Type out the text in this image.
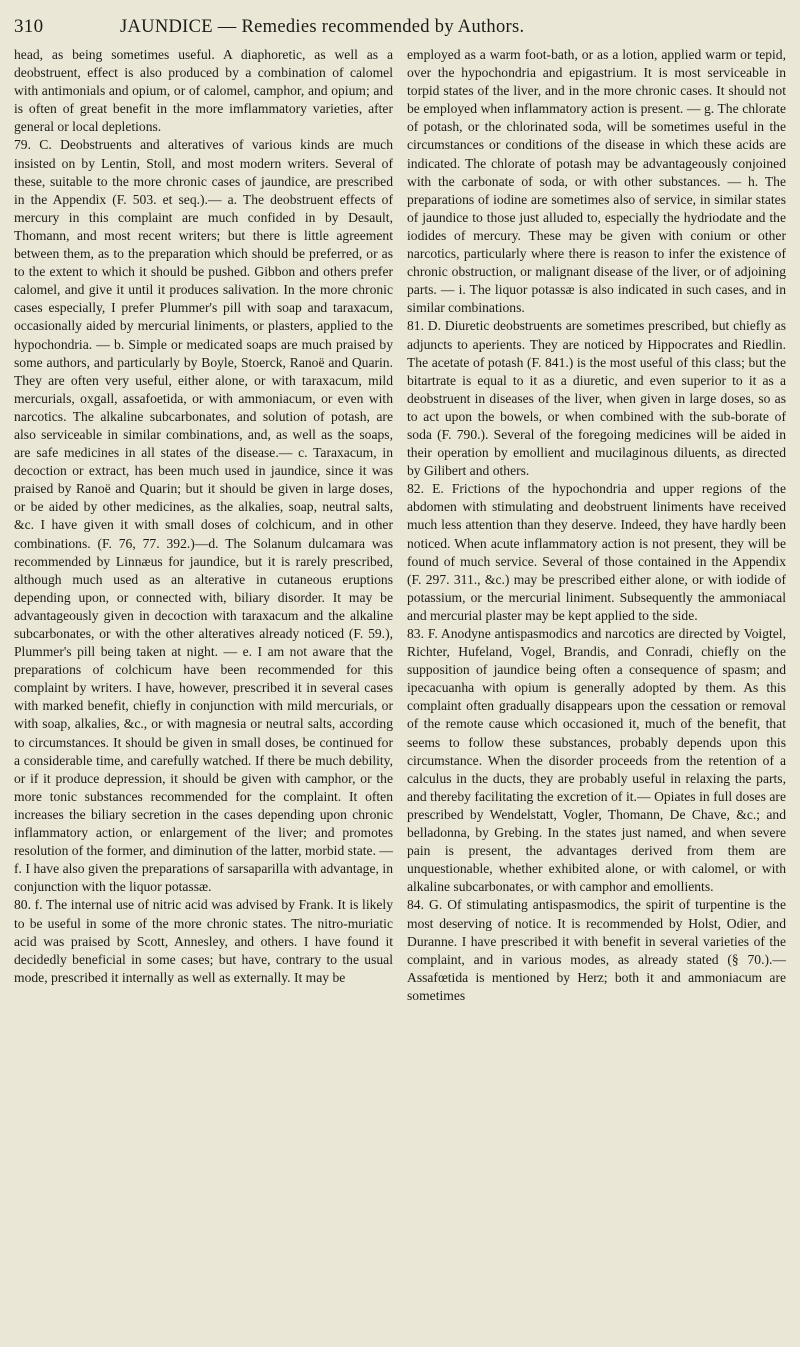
310	JAUNDICE — Remedies recommended by Authors.

head, as being sometimes useful. A diaphoretic, as well as a deobstruent, effect is also produced by a combination of calomel with antimonials and opium, or of calomel, camphor, and opium; and is often of great benefit in the more imflammatory varieties, after general or local depletions.

79. C. Deobstruents and alteratives of various kinds are much insisted on by Lentin, Stoll, and most modern writers. Several of these, suitable to the more chronic cases of jaundice, are prescribed in the Appendix (F. 503. et seq.).— a. The deobstruent effects of mercury in this complaint are much confided in by Desault, Thomann, and most recent writers; but there is little agreement between them, as to the preparation which should be preferred, or as to the extent to which it should be pushed. Gibbon and others prefer calomel, and give it until it produces salivation. In the more chronic cases especially, I prefer Plummer's pill with soap and taraxacum, occasionally aided by mercurial liniments, or plasters, applied to the hypochondria. — b. Simple or medicated soaps are much praised by some authors, and particularly by Boyle, Stoerck, Ranoë and Quarin. They are often very useful, either alone, or with taraxacum, mild mercurials, oxgall, assafoetida, or with ammoniacum, or even with narcotics. The alkaline subcarbonates, and solution of potash, are also serviceable in similar combinations, and, as well as the soaps, are safe medicines in all states of the disease.— c. Taraxacum, in decoction or extract, has been much used in jaundice, since it was praised by Ranoë and Quarin; but it should be given in large doses, or be aided by other medicines, as the alkalies, soap, neutral salts, &c. I have given it with small doses of colchicum, and in other combinations. (F. 76, 77. 392.)—d. The Solanum dulcamara was recommended by Linnæus for jaundice, but it is rarely prescribed, although much used as an alterative in cutaneous eruptions depending upon, or connected with, biliary disorder. It may be advantageously given in decoction with taraxacum and the alkaline subcarbonates, or with the other alteratives already noticed (F. 59.), Plummer's pill being taken at night. — e. I am not aware that the preparations of colchicum have been recommended for this complaint by writers. I have, however, prescribed it in several cases with marked benefit, chiefly in conjunction with mild mercurials, or with soap, alkalies, &c., or with magnesia or neutral salts, according to circumstances. It should be given in small doses, be continued for a considerable time, and carefully watched. If there be much debility, or if it produce depression, it should be given with camphor, or the more tonic substances recommended for the complaint. It often increases the biliary secretion in the cases depending upon chronic inflammatory action, or enlargement of the liver; and promotes resolution of the former, and diminution of the latter, morbid state. — f. I have also given the preparations of sarsaparilla with advantage, in conjunction with the liquor potassæ.

80. f. The internal use of nitric acid was advised by Frank. It is likely to be useful in some of the more chronic states. The nitro-muriatic acid was praised by Scott, Annesley, and others. I have found it decidedly beneficial in some cases; but have, contrary to the usual mode, prescribed it internally as well as externally. It may be

employed as a warm foot-bath, or as a lotion, applied warm or tepid, over the hypochondria and epigastrium. It is most serviceable in torpid states of the liver, and in the more chronic cases. It should not be employed when inflammatory action is present. — g. The chlorate of potash, or the chlorinated soda, will be sometimes useful in the circumstances or conditions of the disease in which these acids are indicated. The chlorate of potash may be advantageously conjoined with the carbonate of soda, or with other substances. — h. The preparations of iodine are sometimes also of service, in similar states of jaundice to those just alluded to, especially the hydriodate and the iodides of mercury. These may be given with conium or other narcotics, particularly where there is reason to infer the existence of chronic obstruction, or malignant disease of the liver, or of adjoining parts. — i. The liquor potassæ is also indicated in such cases, and in similar combinations.

81. D. Diuretic deobstruents are sometimes prescribed, but chiefly as adjuncts to aperients. They are noticed by Hippocrates and Riedlin. The acetate of potash (F. 841.) is the most useful of this class; but the bitartrate is equal to it as a diuretic, and even superior to it as a deobstruent in diseases of the liver, when given in large doses, so as to act upon the bowels, or when combined with the sub-borate of soda (F. 790.). Several of the foregoing medicines will be aided in their operation by emollient and mucilaginous diluents, as directed by Gilibert and others.

82. E. Frictions of the hypochondria and upper regions of the abdomen with stimulating and deobstruent liniments have received much less attention than they deserve. Indeed, they have hardly been noticed. When acute inflammatory action is not present, they will be found of much service. Several of those contained in the Appendix (F. 297. 311., &c.) may be prescribed either alone, or with iodide of potassium, or the mercurial liniment. Subsequently the ammoniacal and mercurial plaster may be kept applied to the side.

83. F. Anodyne antispasmodics and narcotics are directed by Voigtel, Richter, Hufeland, Vogel, Brandis, and Conradi, chiefly on the supposition of jaundice being often a consequence of spasm; and ipecacuanha with opium is generally adopted by them. As this complaint often gradually disappears upon the cessation or removal of the remote cause which occasioned it, much of the benefit, that seems to follow these substances, probably depends upon this circumstance. When the disorder proceeds from the retention of a calculus in the ducts, they are probably useful in relaxing the parts, and thereby facilitating the excretion of it.— Opiates in full doses are prescribed by Wendelstatt, Vogler, Thomann, De Chave, &c.; and belladonna, by Grebing. In the states just named, and when severe pain is present, the advantages derived from them are unquestionable, whether exhibited alone, or with calomel, or with alkaline subcarbonates, or with camphor and emollients.

84. G. Of stimulating antispasmodics, the spirit of turpentine is the most deserving of notice. It is recommended by Holst, Odier, and Duranne. I have prescribed it with benefit in several varieties of the complaint, and in various modes, as already stated (§ 70.).— Assafœtida is mentioned by Herz; both it and ammoniacum are sometimes
